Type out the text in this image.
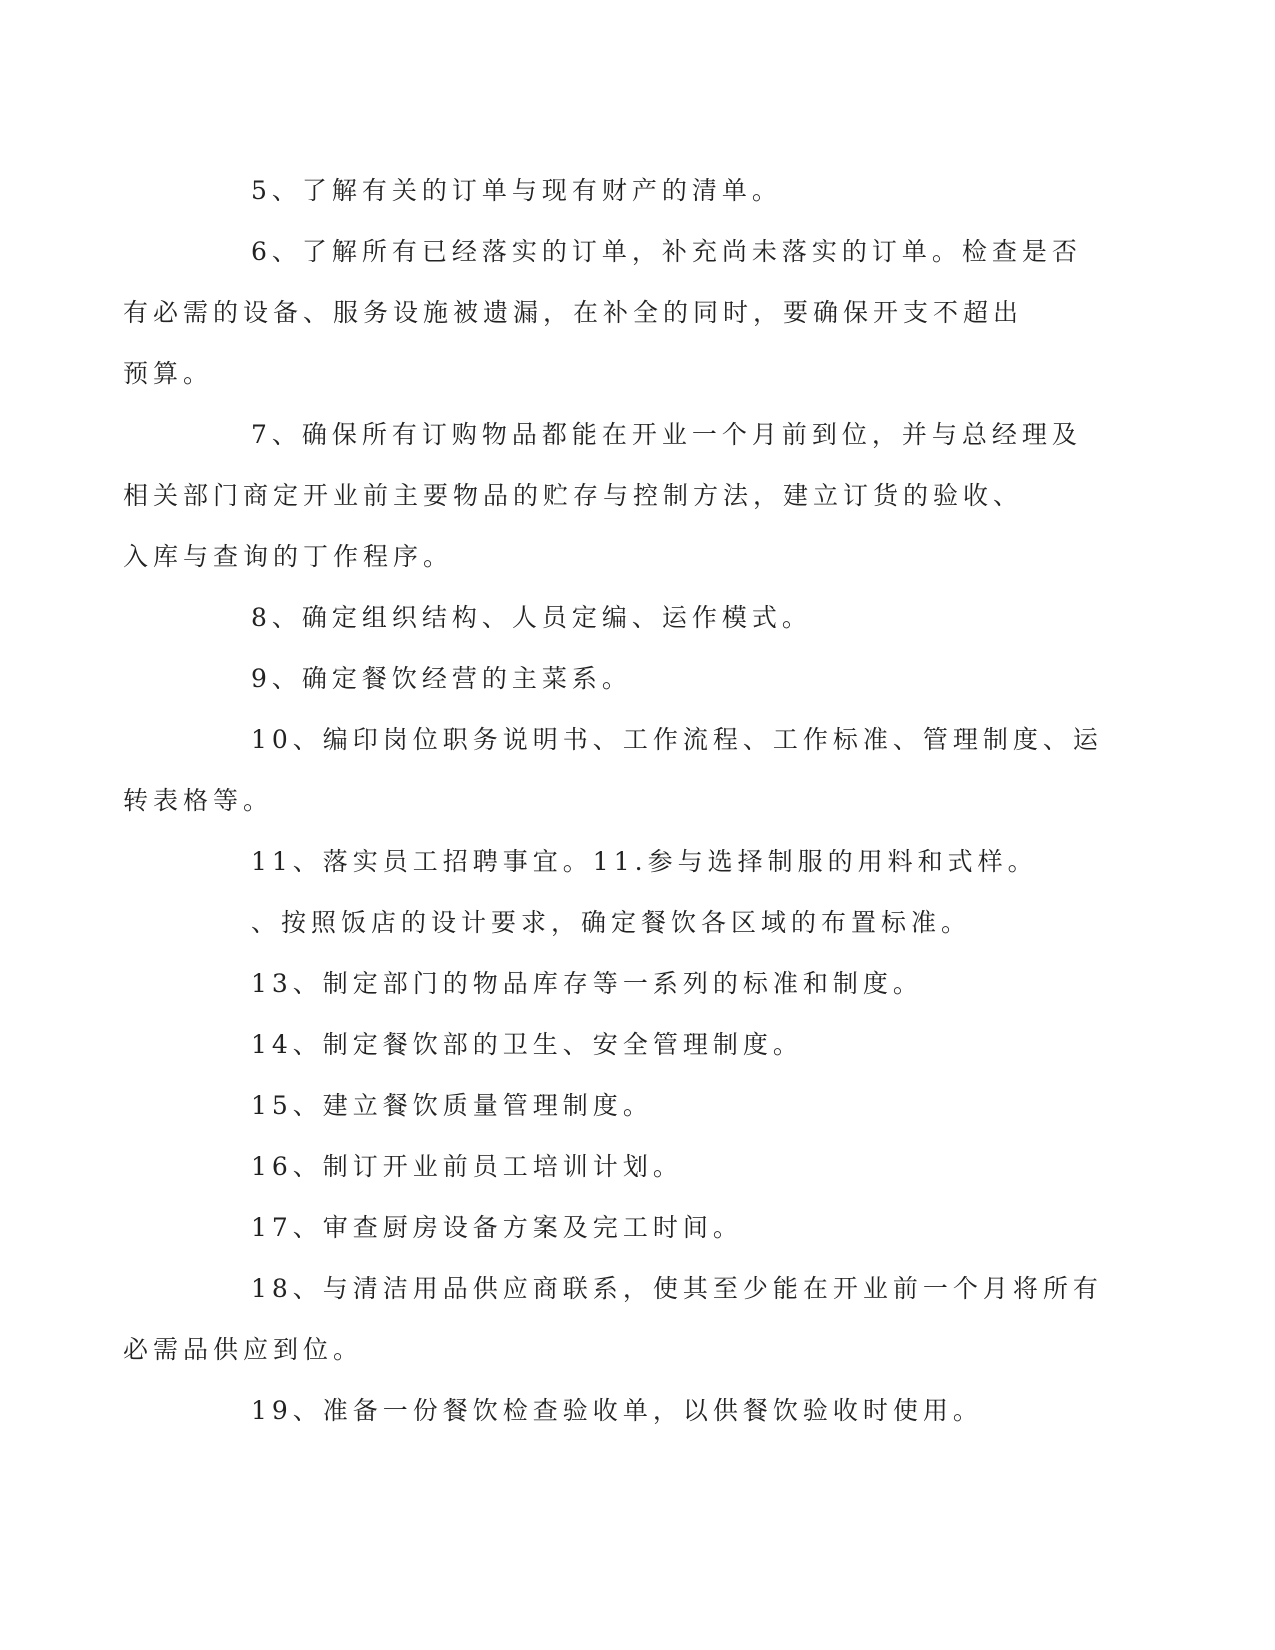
5、了解有关的订单与现有财产的清单。

6、了解所有已经落实的订单，补充尚未落实的订单。检查是否
有必需的设备、服务设施被遗漏，在补全的同时，要确保开支不超出
预算。

7、确保所有订购物品都能在开业一个月前到位，并与总经理及
相关部门商定开业前主要物品的贮存与控制方法，建立订货的验收、
入库与查询的丁作程序。

8、确定组织结构、人员定编、运作模式。

9、确定餐饮经营的主菜系。

10、编印岗位职务说明书、工作流程、工作标准、管理制度、运
转表格等。

11、落实员工招聘事宜。11.参与选择制服的用料和式样。

、按照饭店的设计要求，确定餐饮各区域的布置标准。

13、制定部门的物品库存等一系列的标准和制度。

14、制定餐饮部的卫生、安全管理制度。

15、建立餐饮质量管理制度。

16、制订开业前员工培训计划。

17、审查厨房设备方案及完工时间。

18、与清洁用品供应商联系，使其至少能在开业前一个月将所有
必需品供应到位。

19、准备一份餐饮检查验收单，以供餐饮验收时使用。
